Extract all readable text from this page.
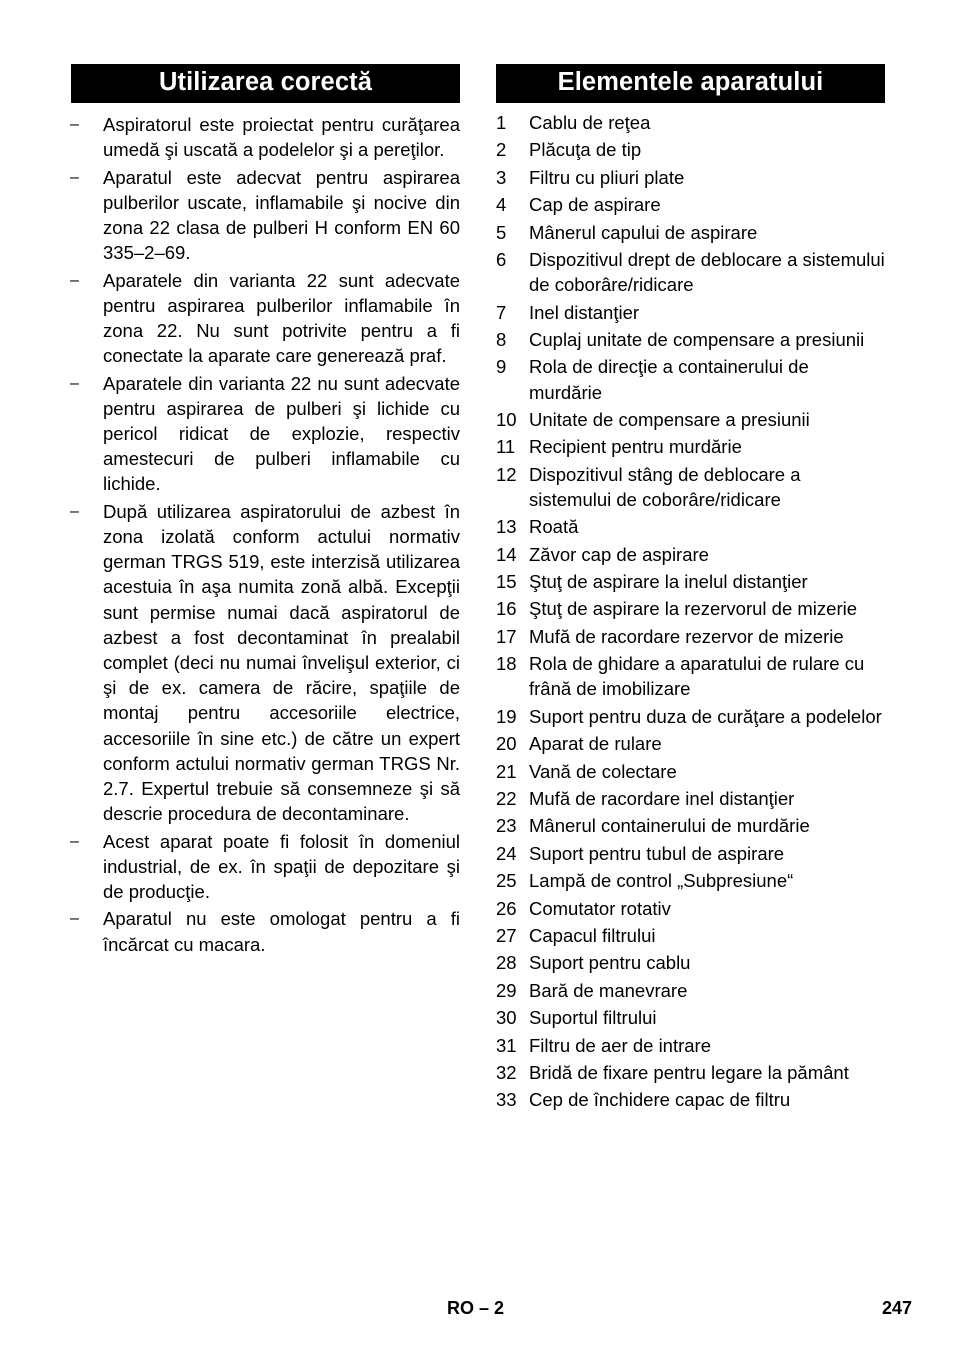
Utilizarea corectă
– Aspiratorul este proiectat pentru curăţarea umedă şi uscată a podelelor şi a pereţilor.
– Aparatul este adecvat pentru aspirarea pulberilor uscate, inflamabile şi nocive din zona 22 clasa de pulberi H conform EN 60 335–2–69.
– Aparatele din varianta 22 sunt adecvate pentru aspirarea pulberilor inflamabile în zona 22. Nu sunt potrivite pentru a fi conectate la aparate care generează praf.
– Aparatele din varianta 22 nu sunt adecvate pentru aspirarea de pulberi şi lichide cu pericol ridicat de explozie, respectiv amestecuri de pulberi inflamabile cu lichide.
– După utilizarea aspiratorului de azbest în zona izolată conform actului normativ german TRGS 519, este interzisă utilizarea acestuia în aşa numita zonă albă. Excepţii sunt permise numai dacă aspiratorul de azbest a fost decontaminat în prealabil complet (deci nu numai învelişul exterior, ci şi de ex. camera de răcire, spaţiile de montaj pentru accesoriile electrice, accesoriile în sine etc.) de către un expert conform actului normativ german TRGS Nr. 2.7. Expertul trebuie să consemneze şi să descrie procedura de decontaminare.
– Acest aparat poate fi folosit în domeniul industrial, de ex. în spaţii de depozitare şi de producţie.
– Aparatul nu este omologat pentru a fi încărcat cu macara.
Elementele aparatului
1 Cablu de reţea
2 Plăcuţa de tip
3 Filtru cu pliuri plate
4 Cap de aspirare
5 Mânerul capului de aspirare
6 Dispozitivul drept de deblocare a sistemului de coborâre/ridicare
7 Inel distanţier
8 Cuplaj unitate de compensare a presiunii
9 Rola de direcţie a containerului de murdărie
10 Unitate de compensare a presiunii
11 Recipient pentru murdărie
12 Dispozitivul stâng de deblocare a sistemului de coborâre/ridicare
13 Roată
14 Zăvor cap de aspirare
15 Ştuţ de aspirare la inelul distanţier
16 Ştuţ de aspirare la rezervorul de mizerie
17 Mufă de racordare rezervor de mizerie
18 Rola de ghidare a aparatului de rulare cu frână de imobilizare
19 Suport pentru duza de curăţare a podelelor
20 Aparat de rulare
21 Vană de colectare
22 Mufă de racordare inel distanţier
23 Mânerul containerului de murdărie
24 Suport pentru tubul de aspirare
25 Lampă de control „Subpresiune“
26 Comutator rotativ
27 Capacul filtrului
28 Suport pentru cablu
29 Bară de manevrare
30 Suportul filtrului
31 Filtru de aer de intrare
32 Bridă de fixare pentru legare la pământ
33 Cep de închidere capac de filtru
RO – 2	247
